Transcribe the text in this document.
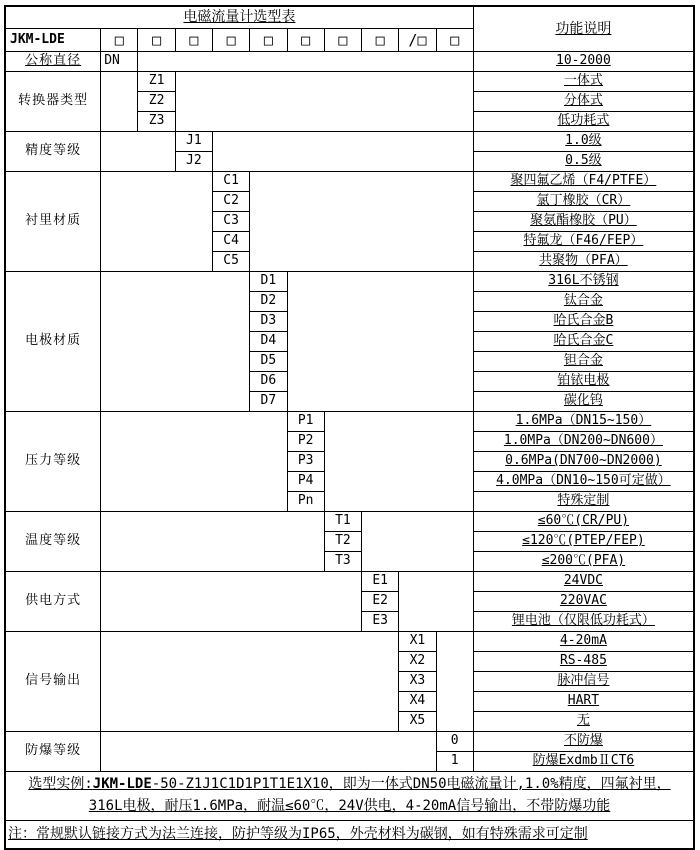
电磁流量计选型表											功能说明
JKM-LDE	□	□	□	□	□	□	□	□	/□	□	
公称直径	DN										10-2000
转换器类型		Z1									一体式
		Z2									分体式
		Z3									低功耗式
精度等级			J1								1.0级
			J2								0.5级
衬里材质				C1							聚四氟乙烯（F4/PTFE）
				C2							氯丁橡胶（CR）
				C3							聚氨酯橡胶（PU）
				C4							特氟龙（F46/FEP）
				C5							共聚物（PFA）
电极材质					D1						316L不锈钢
					D2						钛合金
					D3						哈氏合金B
					D4						哈氏合金C
					D5						钽合金
					D6						铂铱电极
					D7						碳化钨
压力等级						P1					1.6MPa（DN15~150）
						P2					1.0MPa（DN200~DN600）
						P3					0.6MPa(DN700~DN2000)
						P4					4.0MPa（DN10~150可定做）
						Pn					特殊定制
温度等级							T1				≤60℃(CR/PU)
							T2				≤120℃(PTEP/FEP)
							T3				≤200℃(PFA)
供电方式								E1			24VDC
								E2			220VAC
								E3			锂电池（仅限低功耗式）
信号输出									X1		4-20mA
									X2		RS-485
									X3		脉冲信号
									X4		HART
									X5		无
防爆等级										0	不防爆
										1	防爆ExdmbⅡCT6
选型实例:JKM-LDE-50-Z1J1C1D1P1T1E1X10，即为一体式DN50电磁流量计,1.0%精度，四氟衬里，
316L电极，耐压1.6MPa，耐温≤60℃，24V供电，4-20mA信号输出，不带防爆功能											
注：常规默认链接方式为法兰连接，防护等级为IP65，外壳材料为碳钢，如有特殊需求可定制											
